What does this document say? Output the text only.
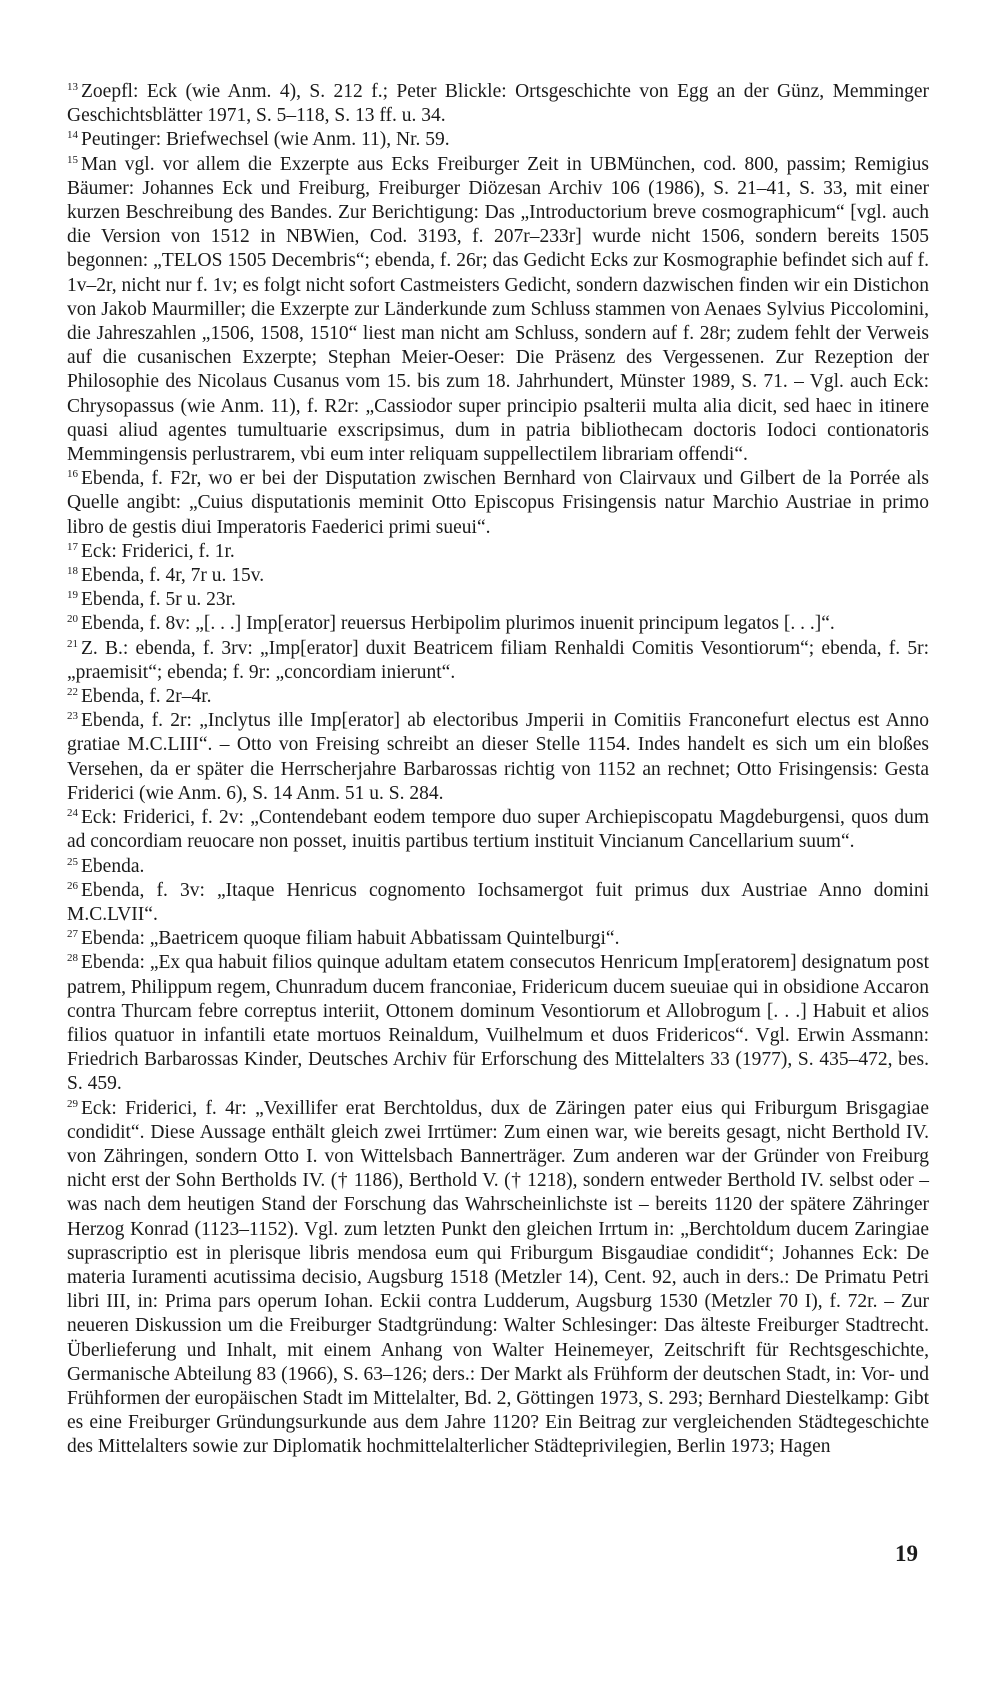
$^{13}$ Zoepfl: Eck (wie Anm. 4), S. 212 f.; Peter Blickle: Ortsgeschichte von Egg an der Günz, Memminger Geschichtsblätter 1971, S. 5–118, S. 13 ff. u. 34.

$^{14}$ Peutinger: Briefwechsel (wie Anm. 11), Nr. 59.

$^{15}$ Man vgl. vor allem die Exzerpte aus Ecks Freiburger Zeit in UBMünchen, cod. 800, passim; Remigius Bäumer: Johannes Eck und Freiburg, Freiburger Diözesan Archiv 106 (1986), S. 21–41, S. 33, mit einer kurzen Beschreibung des Bandes. Zur Berichtigung: Das „Introductorium breve cosmographicum“ [vgl. auch die Version von 1512 in NBWien, Cod. 3193, f. 207r–233r] wurde nicht 1506, sondern bereits 1505 begonnen: „TELOS 1505 Decembris“; ebenda, f. 26r; das Gedicht Ecks zur Kosmographie befindet sich auf f. 1v–2r, nicht nur f. 1v; es folgt nicht sofort Castmeisters Gedicht, sondern dazwischen finden wir ein Distichon von Jakob Maurmiller; die Exzerpte zur Länderkunde zum Schluss stammen von Aenaes Sylvius Piccolomini, die Jahreszahlen „1506, 1508, 1510“ liest man nicht am Schluss, sondern auf f. 28r; zudem fehlt der Verweis auf die cusanischen Exzerpte; Stephan Meier-Oeser: Die Präsenz des Vergessenen. Zur Rezeption der Philosophie des Nicolaus Cusanus vom 15. bis zum 18. Jahrhundert, Münster 1989, S. 71. – Vgl. auch Eck: Chrysopassus (wie Anm. 11), f. R2r: „Cassiodor super principio psalterii multa alia dicit, sed haec in itinere quasi aliud agentes tumultuarie exscripsimus, dum in patria bibliothecam doctoris Iodoci contionatoris Memmingensis perlustrarem, vbi eum inter reliquam suppellectilem librariam offendi“.

$^{16}$ Ebenda, f. F2r, wo er bei der Disputation zwischen Bernhard von Clairvaux und Gilbert de la Porrée als Quelle angibt: „Cuius disputationis meminit Otto Episcopus Frisingensis natur Marchio Austriae in primo libro de gestis diui Imperatoris Faederici primi sueui“.

$^{17}$ Eck: Friderici, f. 1r.

$^{18}$ Ebenda, f. 4r, 7r u. 15v.

$^{19}$ Ebenda, f. 5r u. 23r.

$^{20}$ Ebenda, f. 8v: „[. . .] Imp[erator] reuersus Herbipolim plurimos inuenit principum legatos [. . .]“.

$^{21}$ Z. B.: ebenda, f. 3rv: „Imp[erator] duxit Beatricem filiam Renhaldi Comitis Vesontiorum“; ebenda, f. 5r: „praemisit“; ebenda; f. 9r: „concordiam inierunt“.

$^{22}$ Ebenda, f. 2r–4r.

$^{23}$ Ebenda, f. 2r: „Inclytus ille Imp[erator] ab electoribus Jmperii in Comitiis Franconefurt electus est Anno gratiae M.C.LIII“. – Otto von Freising schreibt an dieser Stelle 1154. Indes handelt es sich um ein bloßes Versehen, da er später die Herrscherjahre Barbarossas richtig von 1152 an rechnet; Otto Frisingensis: Gesta Friderici (wie Anm. 6), S. 14 Anm. 51 u. S. 284.

$^{24}$ Eck: Friderici, f. 2v: „Contendebant eodem tempore duo super Archiepiscopatu Magdeburgensi, quos dum ad concordiam reuocare non posset, inuitis partibus tertium instituit Vincianum Cancellarium suum“.

$^{25}$ Ebenda.

$^{26}$ Ebenda, f. 3v: „Itaque Henricus cognomento Iochsamergot fuit primus dux Austriae Anno domini M.C.LVII“.

$^{27}$ Ebenda: „Baetricem quoque filiam habuit Abbatissam Quintelburgi“.

$^{28}$ Ebenda: „Ex qua habuit filios quinque adultam etatem consecutos Henricum Imp[eratorem] designatum post patrem, Philippum regem, Chunradum ducem franconiae, Fridericum ducem sueuiae qui in obsidione Accaron contra Thurcam febre correptus interiit, Ottonem dominum Vesontiorum et Allobrogum [. . .] Habuit et alios filios quatuor in infantili etate mortuos Reinaldum, Vuilhelmum et duos Fridericos“. Vgl. Erwin Assmann: Friedrich Barbarossas Kinder, Deutsches Archiv für Erforschung des Mittelalters 33 (1977), S. 435–472, bes. S. 459.

$^{29}$ Eck: Friderici, f. 4r: „Vexillifer erat Berchtoldus, dux de Zäringen pater eius qui Friburgum Brisgagiae condidit“. Diese Aussage enthält gleich zwei Irrtümer: Zum einen war, wie bereits gesagt, nicht Berthold IV. von Zähringen, sondern Otto I. von Wittelsbach Bannerträger. Zum anderen war der Gründer von Freiburg nicht erst der Sohn Bertholds IV. († 1186), Berthold V. († 1218), sondern entweder Berthold IV. selbst oder – was nach dem heutigen Stand der Forschung das Wahrscheinlichste ist – bereits 1120 der spätere Zähringer Herzog Konrad (1123–1152). Vgl. zum letzten Punkt den gleichen Irrtum in: „Berchtoldum ducem Zaringiae suprascriptio est in plerisque libris mendosa eum qui Friburgum Bisgaudiae condidit“; Johannes Eck: De materia Iuramenti acutissima decisio, Augsburg 1518 (Metzler 14), Cent. 92, auch in ders.: De Primatu Petri libri III, in: Prima pars operum Iohan. Eckii contra Ludderum, Augsburg 1530 (Metzler 70 I), f. 72r. – Zur neueren Diskussion um die Freiburger Stadtgründung: Walter Schlesinger: Das älteste Freiburger Stadtrecht. Überlieferung und Inhalt, mit einem Anhang von Walter Heinemeyer, Zeitschrift für Rechtsgeschichte, Germanische Abteilung 83 (1966), S. 63–126; ders.: Der Markt als Frühform der deutschen Stadt, in: Vor- und Frühformen der europäischen Stadt im Mittelalter, Bd. 2, Göttingen 1973, S. 293; Bernhard Diestelkamp: Gibt es eine Freiburger Gründungsurkunde aus dem Jahre 1120? Ein Beitrag zur vergleichenden Städtegeschichte des Mittelalters sowie zur Diplomatik hochmittelalterlicher Städteprivilegien, Berlin 1973; Hagen

19
